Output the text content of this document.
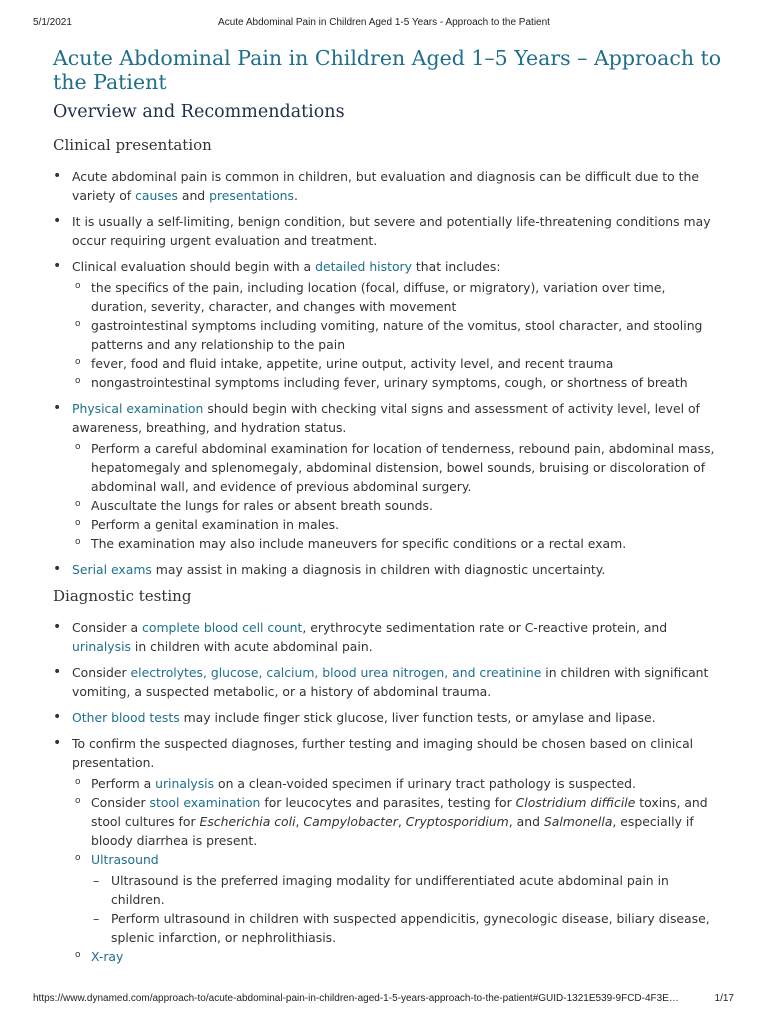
5/1/2021	Acute Abdominal Pain in Children Aged 1-5 Years - Approach to the Patient
Acute Abdominal Pain in Children Aged 1–5 Years – Approach to the Patient
Overview and Recommendations
Clinical presentation
• Acute abdominal pain is common in children, but evaluation and diagnosis can be difficult due to the variety of causes and presentations.
• It is usually a self-limiting, benign condition, but severe and potentially life-threatening conditions may occur requiring urgent evaluation and treatment.
• Clinical evaluation should begin with a detailed history that includes:
o the specifics of the pain, including location (focal, diffuse, or migratory), variation over time, duration, severity, character, and changes with movement
o gastrointestinal symptoms including vomiting, nature of the vomitus, stool character, and stooling patterns and any relationship to the pain
o fever, food and fluid intake, appetite, urine output, activity level, and recent trauma
o nongastrointestinal symptoms including fever, urinary symptoms, cough, or shortness of breath
• Physical examination should begin with checking vital signs and assessment of activity level, level of awareness, breathing, and hydration status.
o Perform a careful abdominal examination for location of tenderness, rebound pain, abdominal mass, hepatomegaly and splenomegaly, abdominal distension, bowel sounds, bruising or discoloration of abdominal wall, and evidence of previous abdominal surgery.
o Auscultate the lungs for rales or absent breath sounds.
o Perform a genital examination in males.
o The examination may also include maneuvers for specific conditions or a rectal exam.
• Serial exams may assist in making a diagnosis in children with diagnostic uncertainty.
Diagnostic testing
• Consider a complete blood cell count, erythrocyte sedimentation rate or C-reactive protein, and urinalysis in children with acute abdominal pain.
• Consider electrolytes, glucose, calcium, blood urea nitrogen, and creatinine in children with significant vomiting, a suspected metabolic, or a history of abdominal trauma.
• Other blood tests may include finger stick glucose, liver function tests, or amylase and lipase.
• To confirm the suspected diagnoses, further testing and imaging should be chosen based on clinical presentation.
o Perform a urinalysis on a clean-voided specimen if urinary tract pathology is suspected.
o Consider stool examination for leucocytes and parasites, testing for Clostridium difficile toxins, and stool cultures for Escherichia coli, Campylobacter, Cryptosporidium, and Salmonella, especially if bloody diarrhea is present.
o Ultrasound
– Ultrasound is the preferred imaging modality for undifferentiated acute abdominal pain in children.
– Perform ultrasound in children with suspected appendicitis, gynecologic disease, biliary disease, splenic infarction, or nephrolithiasis.
o X-ray
https://www.dynamed.com/approach-to/acute-abdominal-pain-in-children-aged-1-5-years-approach-to-the-patient#GUID-1321E539-9FCD-4F3E…	1/17
